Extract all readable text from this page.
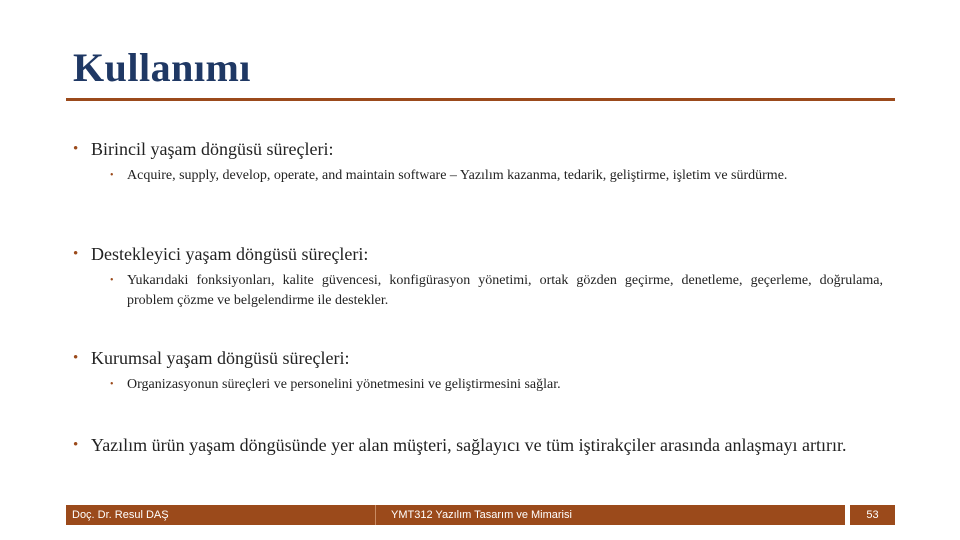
Kullanımı
• Birincil yaşam döngüsü süreçleri:
• Acquire, supply, develop, operate, and maintain software – Yazılım kazanma, tedarik, geliştirme, işletim ve sürdürme.
• Destekleyici yaşam döngüsü süreçleri:
• Yukarıdaki fonksiyonları, kalite güvencesi, konfigürasyon yönetimi, ortak gözden geçirme, denetleme, geçerleme, doğrulama, problem çözme ve belgelendirme ile destekler.
• Kurumsal yaşam döngüsü süreçleri:
• Organizasyonun süreçleri ve personelini yönetmesini ve geliştirmesini sağlar.
• Yazılım ürün yaşam döngüsünde yer alan müşteri, sağlayıcı ve tüm iştirakçiler arasında anlaşmayı artırır.
Doç. Dr. Resul DAŞ	YMT312 Yazılım Tasarım ve Mimarisi	53
